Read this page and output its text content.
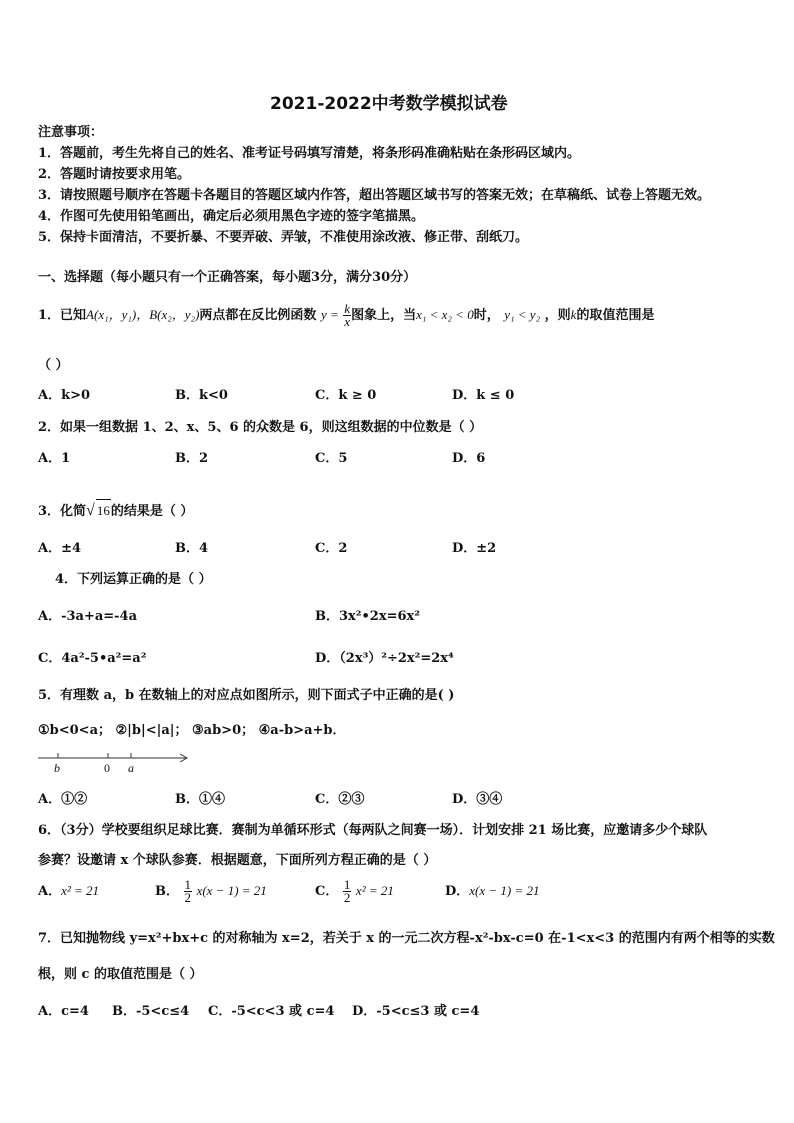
2021-2022中考数学模拟试卷
注意事项：
1．答题前，考生先将自己的姓名、准考证号码填写清楚，将条形码准确粘贴在条形码区域内。
2．答题时请按要求用笔。
3．请按照题号顺序在答题卡各题目的答题区域内作答，超出答题区域书写的答案无效；在草稿纸、试卷上答题无效。
4．作图可先使用铅笔画出，确定后必须用黑色字迹的签字笔描黑。
5．保持卡面清洁，不要折暴、不要弄破、弄皱，不准使用涂改液、修正带、刮纸刀。
一、选择题（每小题只有一个正确答案，每小题3分，满分30分）
1．已知A(x₁，y₁)，B(x₂，y₂)两点都在反比例函数 $y = \frac{k}{x}$ 图象上，当x₁ < x₂ < 0时， y₁ < y₂ ，则k的取值范围是
（ ）
A．k>0	B．k<0	C．k ≥ 0	D．k ≤ 0
2．如果一组数据 1、2、x、5、6 的众数是 6，则这组数据的中位数是（ ）
A．1	B．2	C．5	D．6
3．化简√ 16的结果是（ ）
A．±4	B．4	C．2	D．±2
4．下列运算正确的是（ ）
A．-3a+a=-4a	B．3x²•2x=6x²
C．4a²-5•a²=a²	D．（2x³）²÷2x²=2x⁴
5．有理数 a，b 在数轴上的对应点如图所示，则下面式子中正确的是( )
①b<0<a； ②|b|<|a|； ③ab>0； ④a-b>a+b．
b	0 a
A．①②	B．①④	C．②③	D．③④
6．（3分）学校要组织足球比赛．赛制为单循环形式（每两队之间赛一场）．计划安排 21 场比赛，应邀请多少个球队
参赛？设邀请 x 个球队参赛．根据题意，下面所列方程正确的是（ ）
A．x² = 21	B． $\frac{1}{2} x(x - 1) = 21$	C． $\frac{1}{2} x^2 = 21$	D．x(x − 1) = 21
7．已知抛物线 y=x²+bx+c 的对称轴为 x=2，若关于 x 的一元二次方程-x²-bx-c=0 在-1<x<3 的范围内有两个相等的实数
根，则 c 的取值范围是（ ）
A．c=4 B．-5<c≤4 C．-5<c<3 或 c=4 D．-5<c≤3 或 c=4
